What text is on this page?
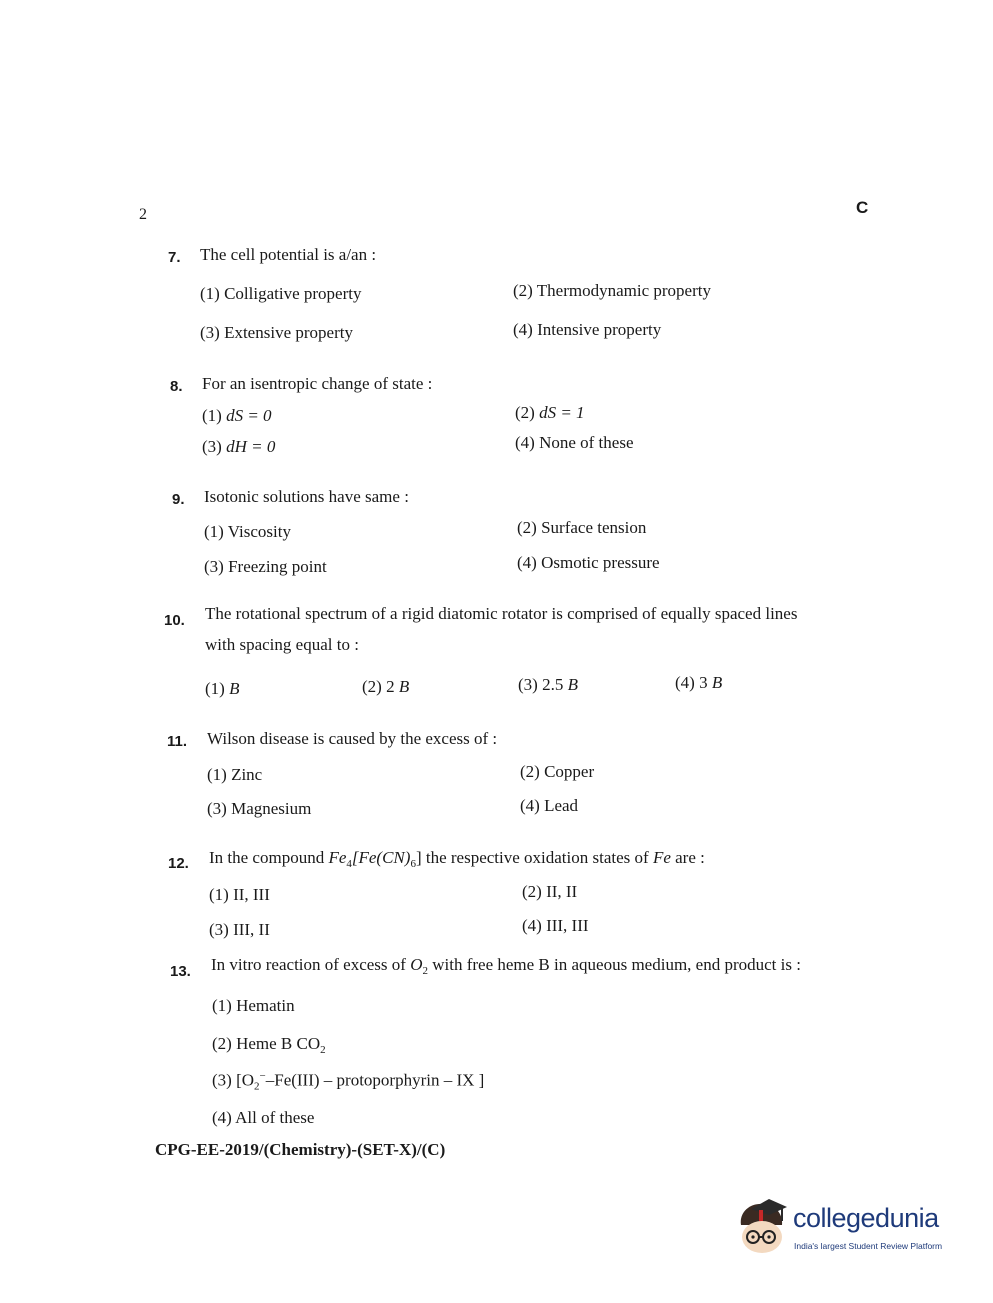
2	C
7. The cell potential is a/an :
(1) Colligative property	(2) Thermodynamic property
(3) Extensive property	(4) Intensive property
8. For an isentropic change of state :
(1) dS = 0	(2) dS = 1
(3) dH = 0	(4) None of these
9. Isotonic solutions have same :
(1) Viscosity	(2) Surface tension
(3) Freezing point	(4) Osmotic pressure
10. The rotational spectrum of a rigid diatomic rotator is comprised of equally spaced lines
with spacing equal to :
(1) B	(2) 2 B	(3) 2.5 B	(4) 3 B
11. Wilson disease is caused by the excess of :
(1) Zinc	(2) Copper
(3) Magnesium	(4) Lead
12. In the compound $Fe_4[Fe(CN)_6]$ the respective oxidation states of Fe are :
(1) II, III	(2) II, II
(3) III, II	(4) III, III
13. In vitro reaction of excess of $O_2$ with free heme B in aqueous medium, end product is :
(1) Hematin
(2) Heme B $CO_2$
(3) [$O_2^--Fe(III)$ – protoporphyrin – IX ]
(4) All of these
CPG-EE-2019/(Chemistry)-(SET-X)/(C)
collegedunia
India's largest Student Review Platform
